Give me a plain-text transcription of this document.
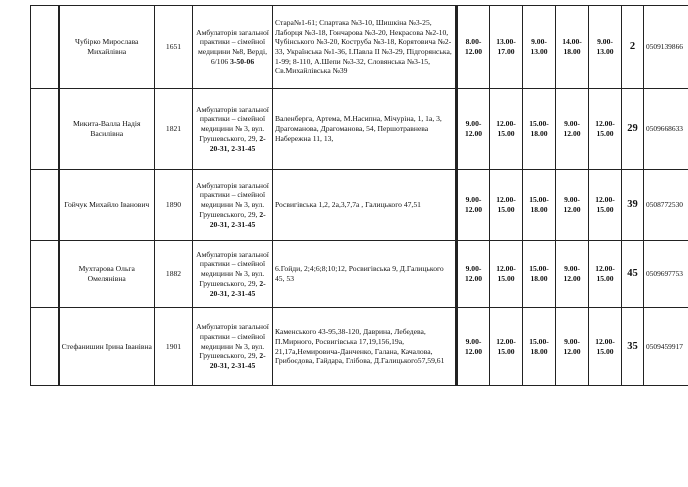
	Чубірко Мирослава Михайлівна	1651	Амбулаторія загальної практики – сімейної медицини №8, Верді, 6/106 3-50-06	Стара№1-61; Спартака №3-10, Шишкіна №3-25, Лаборця №3-18, Гончарова №3-20, Некрасова №2-10, Чубінського №3-20, Коструба №3-18, Корятовича №2-33, Українська №1-36, І.Павла ІІ №3-29, Підгорянська, 1-99; 8-110, А.Шепи №3-32, Словянська №3-15, Св.Михайлівська №39	8.00-12.00	13.00-17.00	9.00-13.00	14.00-18.00	9.00-13.00	2	0509139866
	Микита-Валла Надія Василівна	1821	Амбулаторія загальної практики – сімейної медицини № 3, вул. Грушевського, 29, 2-20-31, 2-31-45	Валенберга, Артема, М.Насипна, Мічуріна, 1, 1а, 3, Драгоманова, Драгоманова, 54, Першотравнева Набережна 11, 13,	9.00-12.00	12.00-15.00	15.00-18.00	9.00-12.00	12.00-15.00	29	0509668633
	Гойчук Михайло Іванович	1890	Амбулаторія загальної практики – сімейної медицини № 3, вул. Грушевського, 29, 2-20-31, 2-31-45	Росвигівська 1,2, 2а,3,7,7а , Галицького 47,51	9.00-12.00	12.00-15.00	15.00-18.00	9.00-12.00	12.00-15.00	39	0508772530
	Мухтарова Ольга Омелянівна	1882	Амбулаторія загальної практики – сімейної медицини № 3, вул. Грушевського, 29, 2-20-31, 2-31-45	6.Гойди, 2;4;6;8;10;12, Росвигівська 9, Д.Галицького 45, 53	9.00-12.00	12.00-15.00	15.00-18.00	9.00-12.00	12.00-15.00	45	0509697753
	Стефанишин Ірина Іванівна	1901	Амбулаторія загальної практики – сімейної медицини № 3, вул. Грушевського, 29, 2-20-31, 2-31-45	Каменського 43-95,38-120, Даврина, Лебедева, П.Мирного, Росвигівська 17,19,156,19а, 21,17а,Немировича-Данченко, Галана, Качалова, Грибоєдова, Гайдара, Глібова, Д.Галицького57,59,61	9.00-12.00	12.00-15.00	15.00-18.00	9.00-12.00	12.00-15.00	35	0509459917
